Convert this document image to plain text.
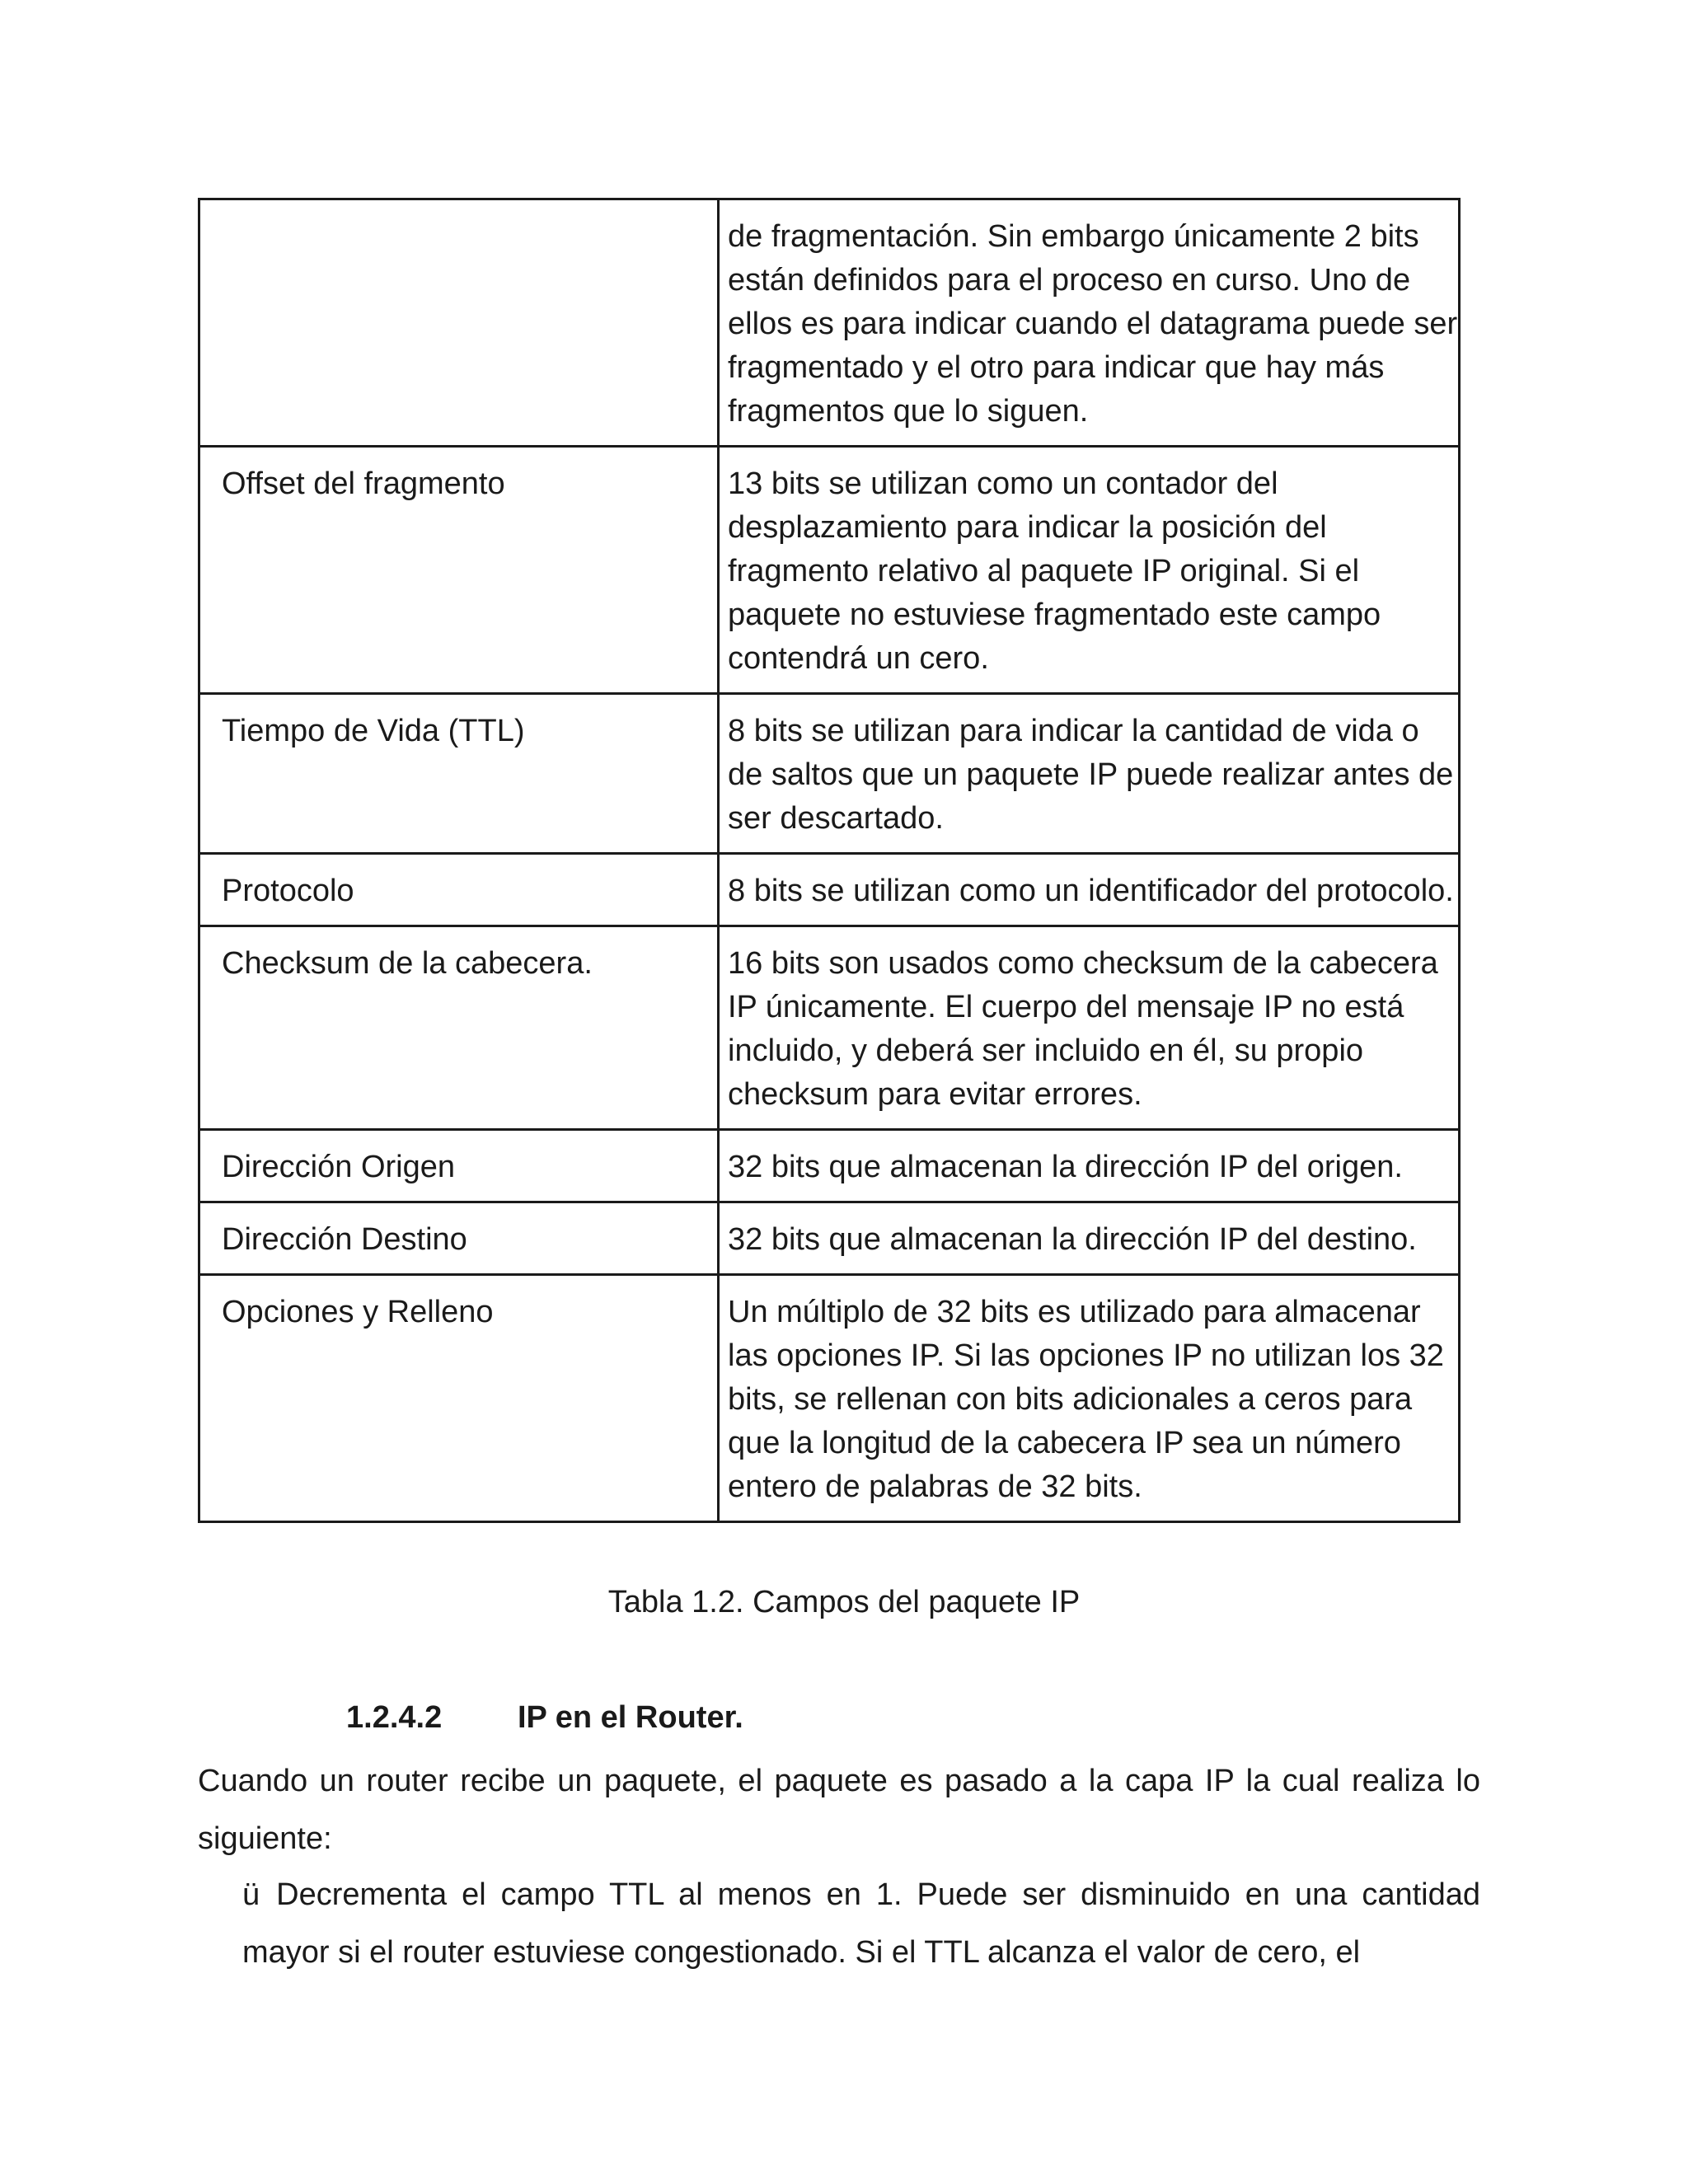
	de fragmentación. Sin embargo únicamente 2 bits están definidos para el proceso en curso. Uno de ellos es para indicar cuando el datagrama puede ser fragmentado y el otro para indicar que hay más fragmentos que lo siguen.
Offset del fragmento	13 bits se utilizan como un contador del desplazamiento para indicar la posición del fragmento relativo al paquete IP original. Si el paquete no estuviese fragmentado este campo contendrá un cero.
Tiempo de Vida (TTL)	8 bits se utilizan para indicar la cantidad de vida o de saltos que un paquete IP puede realizar antes de ser descartado.
Protocolo	8 bits se utilizan como un identificador del protocolo.
Checksum de la cabecera.	16 bits son usados como checksum de la cabecera IP únicamente. El cuerpo del mensaje IP no está incluido, y deberá ser incluido en él, su propio checksum para evitar errores.
Dirección Origen	32 bits que almacenan la dirección IP del origen.
Dirección Destino	32 bits que almacenan la dirección IP del destino.
Opciones y Relleno	Un múltiplo de 32 bits es utilizado para almacenar las opciones IP. Si las opciones IP no utilizan los 32 bits, se rellenan con bits adicionales a ceros para que la longitud de la cabecera IP sea un número entero de palabras de 32 bits.
Tabla 1.2. Campos del paquete IP
1.2.4.2 IP en el Router.
Cuando un router recibe un paquete, el paquete es pasado a la capa IP la cual realiza lo siguiente:
ü Decrementa el campo TTL al menos en 1. Puede ser disminuido en una cantidad mayor si el router estuviese congestionado. Si el TTL alcanza el valor de cero, el
